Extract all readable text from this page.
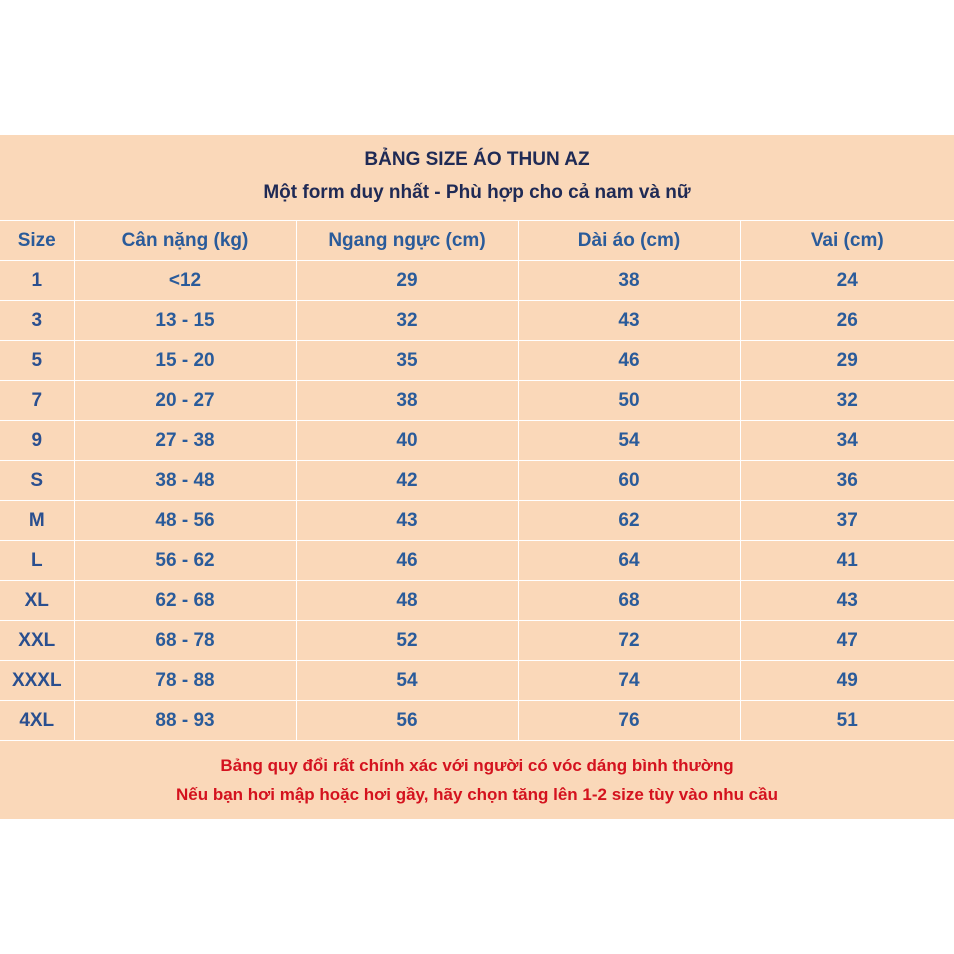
BẢNG SIZE ÁO THUN AZ
Một form duy nhất - Phù hợp cho cả nam và nữ
Size	Cân nặng (kg)	Ngang ngực (cm)	Dài áo (cm)	Vai (cm)
1	<12	29	38	24
3	13 - 15	32	43	26
5	15 - 20	35	46	29
7	20 - 27	38	50	32
9	27 - 38	40	54	34
S	38 - 48	42	60	36
M	48 - 56	43	62	37
L	56 - 62	46	64	41
XL	62 - 68	48	68	43
XXL	68 - 78	52	72	47
XXXL	78 - 88	54	74	49
4XL	88 - 93	56	76	51
Bảng quy đổi rất chính xác với người có vóc dáng bình thường
Nếu bạn hơi mập hoặc hơi gầy, hãy chọn tăng lên 1-2 size tùy vào nhu cầu
